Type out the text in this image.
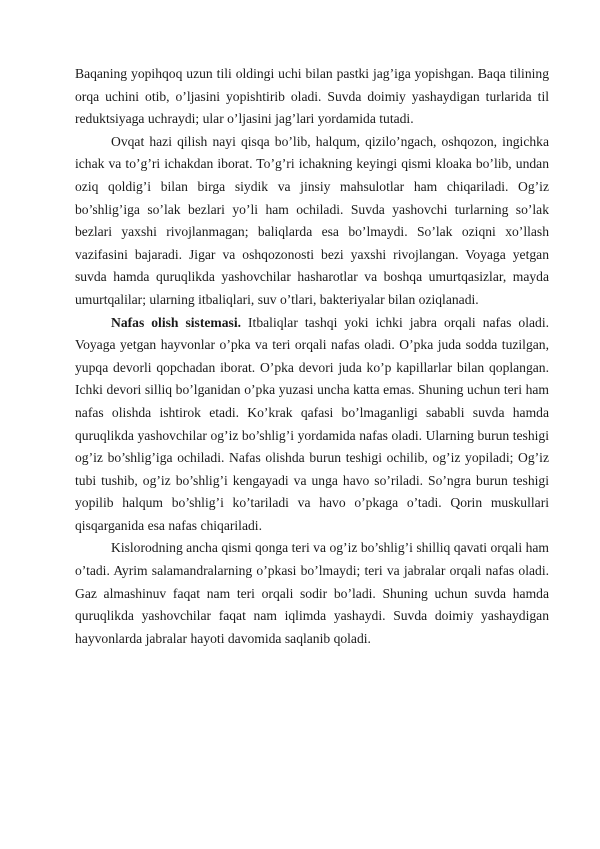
Baqaning yopihqoq uzun tili oldingi uchi bilan pastki jag’iga yopishgan. Baqa tilining orqa uchini otib, o’ljasini yopishtirib oladi. Suvda doimiy yashaydigan turlarida til reduktsiyaga uchraydi; ular o’ljasini jag’lari yordamida tutadi.

Ovqat hazi qilish nayi qisqa bo’lib, halqum, qizilo’ngach, oshqozon, ingichka ichak va to’g’ri ichakdan iborat. To’g’ri ichakning keyingi qismi kloaka bo’lib, undan oziq qoldig’i bilan birga siydik va jinsiy mahsulotlar ham chiqariladi. Og’iz bo’shlig’iga so’lak bezlari yo’li ham ochiladi. Suvda yashovchi turlarning so’lak bezlari yaxshi rivojlanmagan; baliqlarda esa bo’lmaydi. So’lak oziqni xo’llash vazifasini bajaradi. Jigar va oshqozonosti bezi yaxshi rivojlangan. Voyaga yetgan suvda hamda quruqlikda yashovchilar hasharotlar va boshqa umurtqasizlar, mayda umurtqalilar; ularning itbaliqlari, suv o’tlari, bakteriyalar bilan oziqlanadi.

Nafas olish sistemasi. Itbaliqlar tashqi yoki ichki jabra orqali nafas oladi. Voyaga yetgan hayvonlar o’pka va teri orqali nafas oladi. O’pka juda sodda tuzilgan, yupqa devorli qopchadan iborat. O’pka devori juda ko’p kapillarlar bilan qoplangan. Ichki devori silliq bo’lganidan o’pka yuzasi uncha katta emas. Shuning uchun teri ham nafas olishda ishtirok etadi. Ko’krak qafasi bo’lmaganligi sababli suvda hamda quruqlikda yashovchilar og’iz bo’shlig’i yordamida nafas oladi. Ularning burun teshigi og’iz bo’shlig’iga ochiladi. Nafas olishda burun teshigi ochilib, og’iz yopiladi; Og’iz tubi tushib, og’iz bo’shlig’i kengayadi va unga havo so’riladi. So’ngra burun teshigi yopilib halqum bo’shlig’i ko’tariladi va havo o’pkaga o’tadi. Qorin muskullari qisqarganida esa nafas chiqariladi.

Kislorodning ancha qismi qonga teri va og’iz bo’shlig’i shilliq qavati orqali ham o’tadi. Ayrim salamandralarning o’pkasi bo’lmaydi; teri va jabralar orqali nafas oladi. Gaz almashinuv faqat nam teri orqali sodir bo’ladi. Shuning uchun suvda hamda quruqlikda yashovchilar faqat nam iqlimda yashaydi. Suvda doimiy yashaydigan hayvonlarda jabralar hayoti davomida saqlanib qoladi.
